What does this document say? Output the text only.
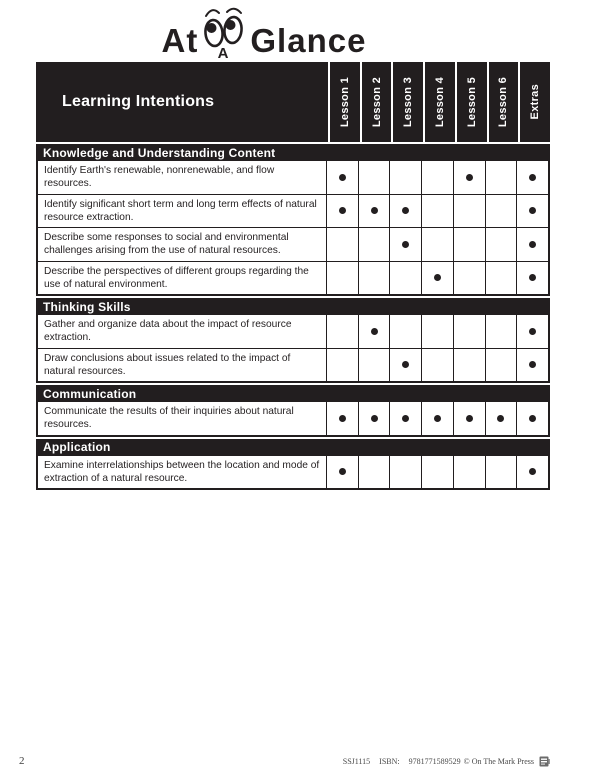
At A Glance
Learning Intentions	Lesson 1 Lesson 2 Lesson 3 Lesson 4 Lesson 5 Lesson 6 Extras
Knowledge and Understanding Content
Identify Earth's renewable, nonrenewable, and flow resources.
Identify significant short term and long term effects of natural resource extraction.
Describe some responses to social and environmental challenges arising from the use of natural resources.
Describe the perspectives of different groups regarding the use of natural environment.
Thinking Skills
Gather and organize data about the impact of resource extraction.
Draw conclusions about issues related to the impact of natural resources.
Communication
Communicate the results of their inquiries about natural resources.
Application
Examine interrelationships between the location and mode of extraction of a natural resource.
2	SSJ1115 ISBN: 9781771589529 © On The Mark Press
